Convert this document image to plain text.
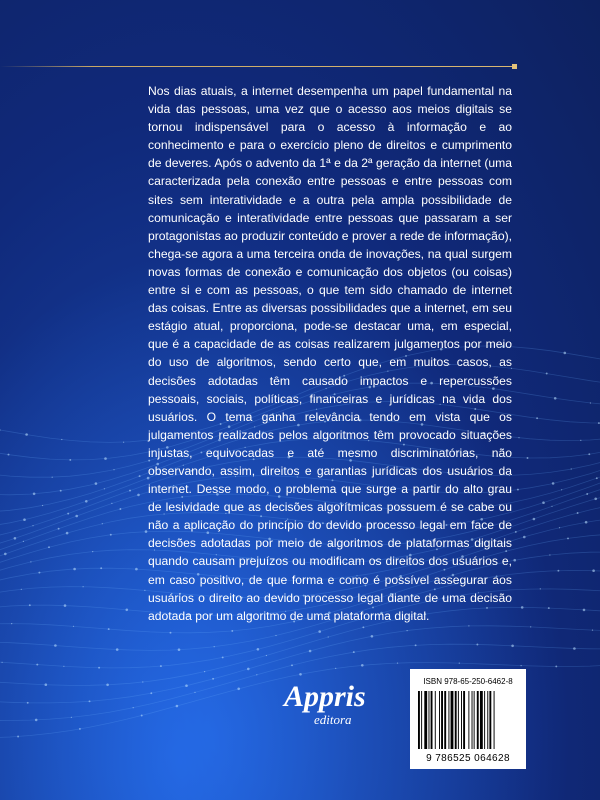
Nos dias atuais, a internet desempenha um papel fundamental na vida das pessoas, uma vez que o acesso aos meios digitais se tornou indispensável para o acesso à informação e ao conhecimento e para o exercício pleno de direitos e cumprimento de deveres. Após o advento da 1ª e da 2ª geração da internet (uma caracterizada pela conexão entre pessoas e entre pessoas com sites sem interatividade e a outra pela ampla possibilidade de comunicação e interatividade entre pessoas que passaram a ser protagonistas ao produzir conteúdo e prover a rede de informação), chega-se agora a uma terceira onda de inovações, na qual surgem novas formas de conexão e comunicação dos objetos (ou coisas) entre si e com as pessoas, o que tem sido chamado de internet das coisas. Entre as diversas possibilidades que a internet, em seu estágio atual, proporciona, pode-se destacar uma, em especial, que é a capacidade de as coisas realizarem julgamentos por meio do uso de algoritmos, sendo certo que, em muitos casos, as decisões adotadas têm causado impactos e repercussões pessoais, sociais, políticas, financeiras e jurídicas na vida dos usuários. O tema ganha relevância tendo em vista que os julgamentos realizados pelos algoritmos têm provocado situações injustas, equivocadas e até mesmo discriminatórias, não observando, assim, direitos e garantias jurídicas dos usuários da internet. Desse modo, o problema que surge a partir do alto grau de lesividade que as decisões algorítmicas possuem é se cabe ou não a aplicação do princípio do devido processo legal em face de decisões adotadas por meio de algoritmos de plataformas digitais quando causam prejuízos ou modificam os direitos dos usuários e, em caso positivo, de que forma e como é possível assegurar aos usuários o direito ao devido processo legal diante de uma decisão adotada por um algoritmo de uma plataforma digital.

Appris
editora
ISBN 978-65-250-6462-8
9 786525 064628
